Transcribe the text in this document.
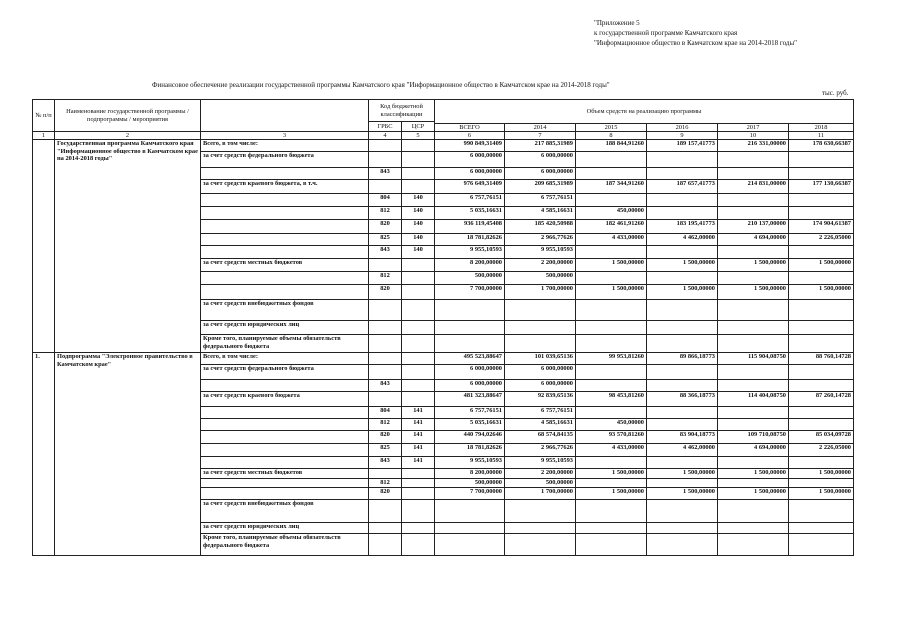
"Приложение 5
к государственной программе Камчатского края
"Информационное общество в Камчатском крае на 2014-2018 годы"
Финансовое обеспечение реализации государственной программы Камчатского края "Информационное общество в Камчатском крае на 2014-2018 годы"
тыс. руб.
№ п/п	Наименование государственной программы / подпрограммы / мероприятия		Код бюджетной классификации		Объем средств на реализацию программы					
			ГРБС	ЦСР						
					ВСЕГО	2014	2015	2016	2017	2018
1	2	3	4	5	6	7	8	9	10	11
	Государственная программа Камчатского края "Информационное общество в Камчатском крае на 2014-2018 годы"	Всего, в том числе:			990 849,31409	217 885,31989	188 844,91260	189 157,41773	216 331,00000	178 630,66387
		за счет средств федерального бюджета			6 000,00000	6 000,00000				
			843		6 000,00000	6 000,00000				
		за счет средств краевого бюджета, в т.ч.			976 649,31409	209 685,31989	187 344,91260	187 657,41773	214 831,00000	177 130,66387
			804	140	6 757,76151	6 757,76151				
			812	140	5 035,16631	4 585,16631	450,00000			
			820	140	936 119,45408	185 420,50988	182 461,91260	183 195,41773	210 137,00000	174 904,61387
			825	140	18 781,82626	2 966,77626	4 433,00000	4 462,00000	4 694,00000	2 226,05000
			843	140	9 955,10593	9 955,10593				
		за счет средств местных бюджетов			8 200,00000	2 200,00000	1 500,00000	1 500,00000	1 500,00000	1 500,00000
			812		500,00000	500,00000				
			820		7 700,00000	1 700,00000	1 500,00000	1 500,00000	1 500,00000	1 500,00000
		за счет средств внебюджетных фондов								
		за счет средств юридических лиц								
		Кроме того, планируемые объемы обязательств федерального бюджета								
1.	Подпрограмма "Электронное правительство в Камчатском крае"	Всего, в том числе:			495 523,88647	101 039,65136	99 953,81260	89 866,18773	115 904,08750	88 760,14728
		за счет средств федерального бюджета			6 000,00000	6 000,00000				
			843		6 000,00000	6 000,00000				
		за счет средств краевого бюджета			481 323,88647	92 839,65136	98 453,81260	88 366,18773	114 404,08750	87 260,14728
			804	141	6 757,76151	6 757,76151				
			812	141	5 035,16631	4 585,16631	450,00000			
			820	141	440 794,02646	68 574,84135	93 570,81260	83 904,18773	109 710,08750	85 034,09728
			825	141	18 781,82626	2 966,77626	4 433,00000	4 462,00000	4 694,00000	2 226,05000
			843	141	9 955,10593	9 955,10593				
		за счет средств местных бюджетов			8 200,00000	2 200,00000	1 500,00000	1 500,00000	1 500,00000	1 500,00000
			812		500,00000	500,00000				
			820		7 700,00000	1 700,00000	1 500,00000	1 500,00000	1 500,00000	1 500,00000
		за счет средств внебюджетных фондов								
		за счет средств юридических лиц								
		Кроме того, планируемые объемы обязательств федерального бюджета								
